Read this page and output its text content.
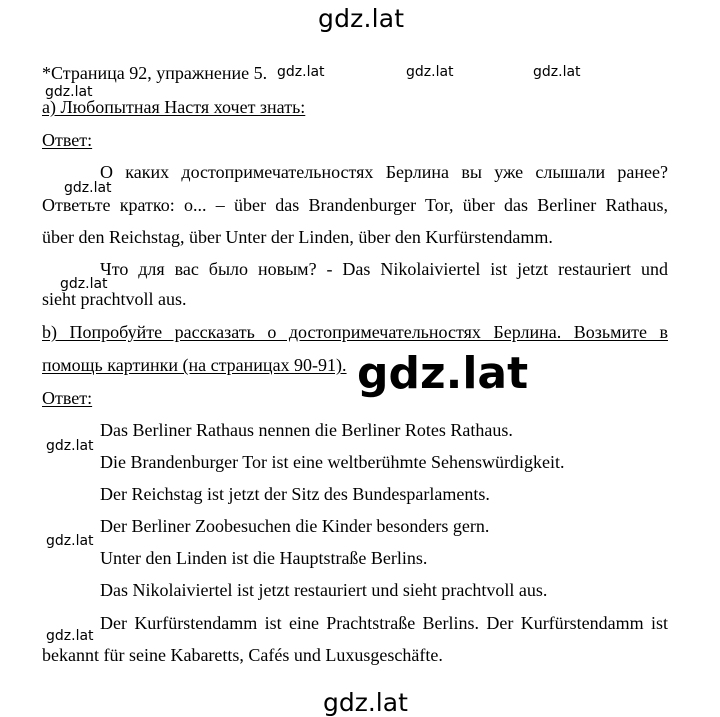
gdz.lat
*Страница 92, упражнение 5. gdz.lat	gdz.lat	gdz.lat
gdz.lat
а) Любопытная Настя хочет знать:
Ответ:
О каких достопримечательностях Берлина вы уже слышали ранее?
gdz.lat
Ответьте кратко: о... – über das Brandenburger Tor, über das Berliner Rathaus,
über den Reichstag, über Unter der Linden, über den Kurfürstendamm.
Что для вас было новым? - Das Nikolaiviertel ist jetzt restauriert und
gdz.lat
sieht prachtvoll aus.
b) Попробуйте рассказать о достопримечательностях Берлина. Возьмите в
помощь картинки (на страницах 90-91). gdz.lat
Ответ:
Das Berliner Rathaus nennen die Berliner Rotes Rathaus.
gdz.lat
Die Brandenburger Tor ist eine weltberühmte Sehenswürdigkeit.
Der Reichstag ist jetzt der Sitz des Bundesparlaments.
Der Berliner Zoobesuchen die Kinder besonders gern.
gdz.lat
Unter den Linden ist die Hauptstraße Berlins.
Das Nikolaiviertel ist jetzt restauriert und sieht prachtvoll aus.
Der Kurfürstendamm ist eine Prachtstraße Berlins. Der Kurfürstendamm ist
gdz.lat
bekannt für seine Kabaretts, Cafés und Luxusgeschäfte.
gdz.lat
